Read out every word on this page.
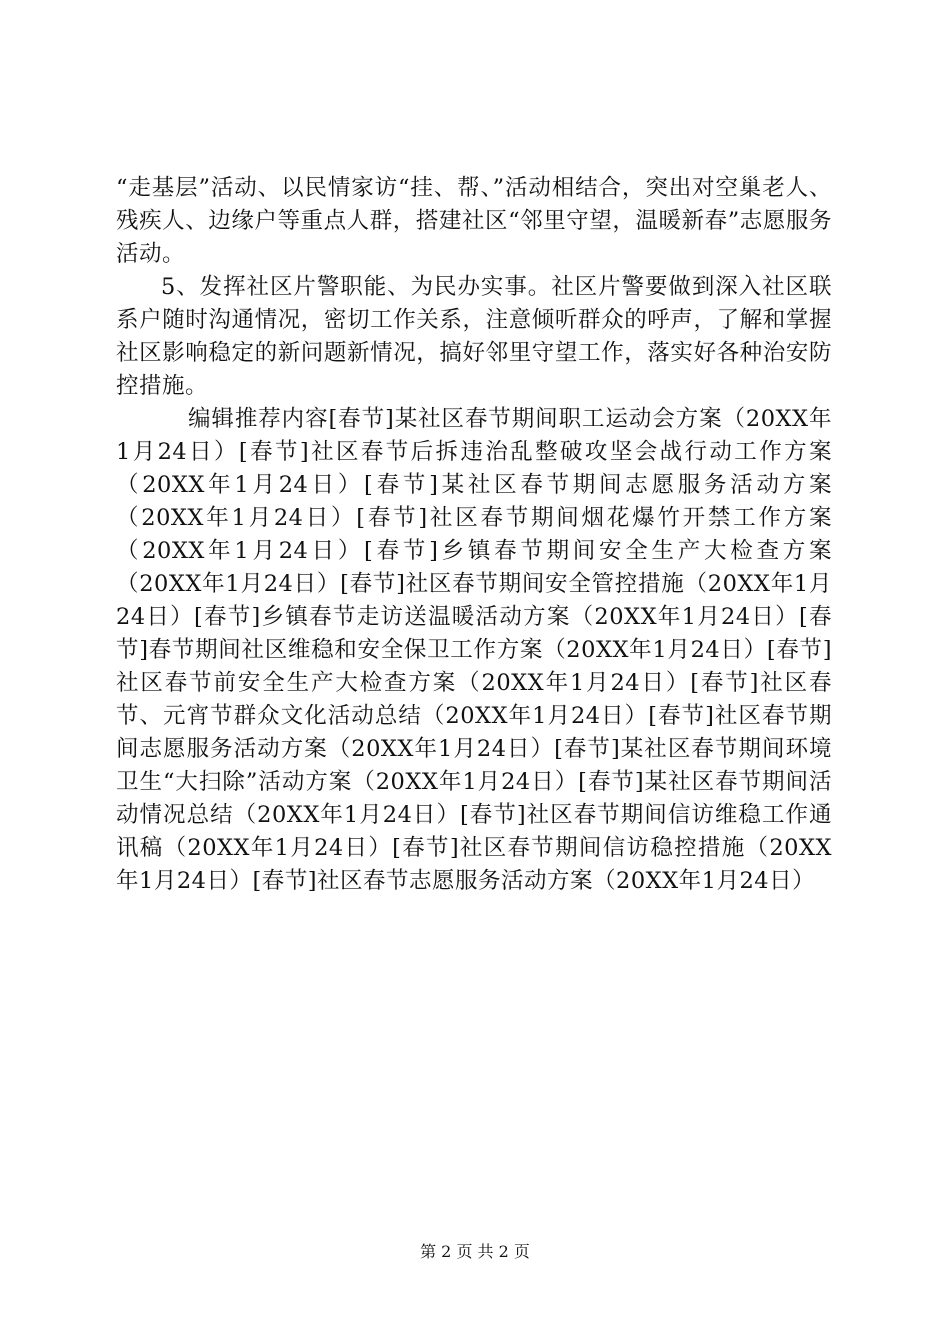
“走基层”活动、以民情家访“挂、帮、”活动相结合，突出对空巢老人、残疾人、边缘户等重点人群，搭建社区“邻里守望，温暖新春”志愿服务活动。

5、发挥社区片警职能、为民办实事。社区片警要做到深入社区联系户随时沟通情况，密切工作关系，注意倾听群众的呼声，了解和掌握社区影响稳定的新问题新情况，搞好邻里守望工作，落实好各种治安防控措施。

编辑推荐内容[春节]某社区春节期间职工运动会方案（20XX年1月24日）[春节]社区春节后拆违治乱整破攻坚会战行动工作方案（20XX年1月24日）[春节]某社区春节期间志愿服务活动方案（20XX年1月24日）[春节]社区春节期间烟花爆竹开禁工作方案（20XX年1月24日）[春节]乡镇春节期间安全生产大检查方案（20XX年1月24日）[春节]社区春节期间安全管控措施（20XX年1月24日）[春节]乡镇春节走访送温暖活动方案（20XX年1月24日）[春节]春节期间社区维稳和安全保卫工作方案（20XX年1月24日）[春节]社区春节前安全生产大检查方案（20XX年1月24日）[春节]社区春节、元宵节群众文化活动总结（20XX年1月24日）[春节]社区春节期间志愿服务活动方案（20XX年1月24日）[春节]某社区春节期间环境卫生“大扫除”活动方案（20XX年1月24日）[春节]某社区春节期间活动情况总结（20XX年1月24日）[春节]社区春节期间信访维稳工作通讯稿（20XX年1月24日）[春节]社区春节期间信访稳控措施（20XX年1月24日）[春节]社区春节志愿服务活动方案（20XX年1月24日）

第 2 页 共 2 页
